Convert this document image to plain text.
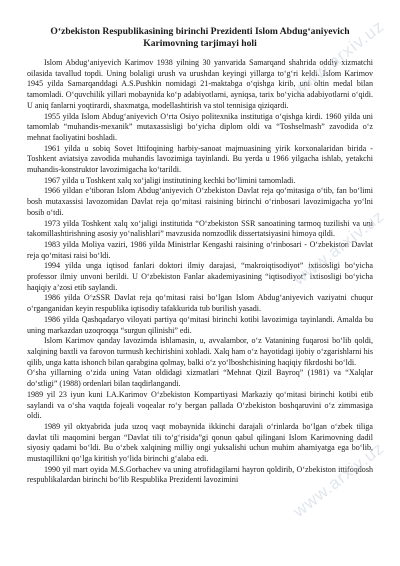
O‘zbekiston Respublikasining birinchi Prezidenti Islom Abdug‘aniyevich
Karimovning tarjimayi holi

Islom Abdug‘aniyevich Karimov 1938 yilning 30 yanvarida Samarqand shahrida oddiy xizmatchi oilasida tavallud topdi. Uning bolaligi urush va urushdan keyingi yillarga to‘g‘ri keldi. Islom Karimov 1945 yilda Samarqanddagi A.S.Pushkin nomidagi 21-maktabga o‘qishga kirib, uni oltin medal bilan tamomladi. O‘quvchilik yillari mobaynida ko‘p adabiyotlarni, ayniqsa, tarix bo‘yicha adabiyotlarni o‘qidi. U aniq fanlarni yoqtirardi, shaxmatga, modellashtirish va stol tennisiga qiziqardi.

1955 yilda Islom Abdug‘aniyevich O‘rta Osiyo politexnika institutiga o‘qishga kirdi. 1960 yilda uni tamomlab “muhandis-mexanik” mutaxassisligi bo‘yicha diplom oldi va “Toshselmash” zavodida o‘z mehnat faoliyatini boshladi.

1961 yilda u sobiq Sovet Ittifoqining harbiy-sanoat majmuasining yirik korxonalaridan birida - Toshkent aviatsiya zavodida muhandis lavozimiga tayinlandi. Bu yerda u 1966 yilgacha ishlab, yetakchi muhandis-konstruktor lavozimigacha ko‘tarildi.

1967 yilda u Toshkent xalq xo‘jaligi institutining kechki bo‘limini tamomladi.

1966 yildan e’tiboran Islom Abdug‘aniyevich O‘zbekiston Davlat reja qo‘mitasiga o‘tib, fan bo‘limi bosh mutaxassisi lavozomidan Davlat reja qo‘mitasi raisining birinchi o‘rinbosari lavozimigacha yo‘lni bosib o‘tdi.

1973 yilda Toshkent xalq xo‘jaligi institutida “O‘zbekiston SSR sanoatining tarmoq tuzilishi va uni takomillashtirishning asosiy yo‘nalishlari” mavzusida nomzodlik dissertatsiyasini himoya qildi.

1983 yilda Moliya vaziri, 1986 yilda Ministrlar Kengashi raisining o‘rinbosari - O‘zbekiston Davlat reja qo‘mitasi raisi bo‘ldi.

1994 yilda unga iqtisod fanlari doktori ilmiy darajasi, “makroiqtisodiyot” ixtisosligi bo‘yicha professor ilmiy unvoni berildi. U O‘zbekiston Fanlar akademiyasining “iqtisodiyot” ixtisosligi bo‘yicha haqiqiy a’zosi etib saylandi.

1986 yilda O‘zSSR Davlat reja qo‘mitasi raisi bo‘lgan Islom Abdug‘aniyevich vaziyatni chuqur o‘rganganidan keyin respublika iqtisodiy tafakkurida tub burilish yasadi.

1986 yilda Qashqadaryo viloyati partiya qo‘mitasi birinchi kotibi lavozimiga tayinlandi. Amalda bu uning markazdan uzoqroqqa “surgun qilinishi” edi.

Islom Karimov qanday lavozimda ishlamasin, u, avvalambor, o‘z Vatanining fuqarosi bo‘lib qoldi, xalqining baxtli va farovon turmush kechirishini xohladi. Xalq ham o‘z hayotidagi ijobiy o‘zgarishlarni his qilib, unga katta ishonch bilan qarabgina qolmay, balki o‘z yo‘lboshchisining haqiqiy fikrdoshi bo‘ldi.

O‘sha yillarning o‘zida uning Vatan oldidagi xizmatlari “Mehnat Qizil Bayroq” (1981) va “Xalqlar do‘stligi” (1988) ordenlari bilan taqdirlangandi.

1989 yil 23 iyun kuni I.A.Karimov O‘zbekiston Kompartiyasi Markaziy qo‘mitasi birinchi kotibi etib saylandi va o‘sha vaqtda fojeali voqealar ro‘y bergan palladа O‘zbekiston boshqaruvini o‘z zimmasiga oldi.

1989 yil oktyabrida juda uzoq vaqt mobaynida ikkinchi darajali o‘rinlarda bo‘lgan o‘zbek tiliga davlat tili maqomini bergan “Davlat tili to‘g‘risida”gi qonun qabul qilingani Islom Karimovning dadil siyosiy qadami bo‘ldi. Bu o‘zbek xalqining milliy ongi yuksalishi uchun muhim ahamiyatga ega bo‘lib, mustaqillikni qo‘lga kiritish yo‘lida birinchi g‘alaba edi.

1990 yil mart oyida M.S.Gorbachev va uning atrofidagilarni hayron qoldirib, O‘zbekiston ittifoqdosh respublikalardan birinchi bo‘lib Respublika Prezidenti lavozimini

www.arxiv.uz
www.arxiv.uz
www.arxiv.uz
